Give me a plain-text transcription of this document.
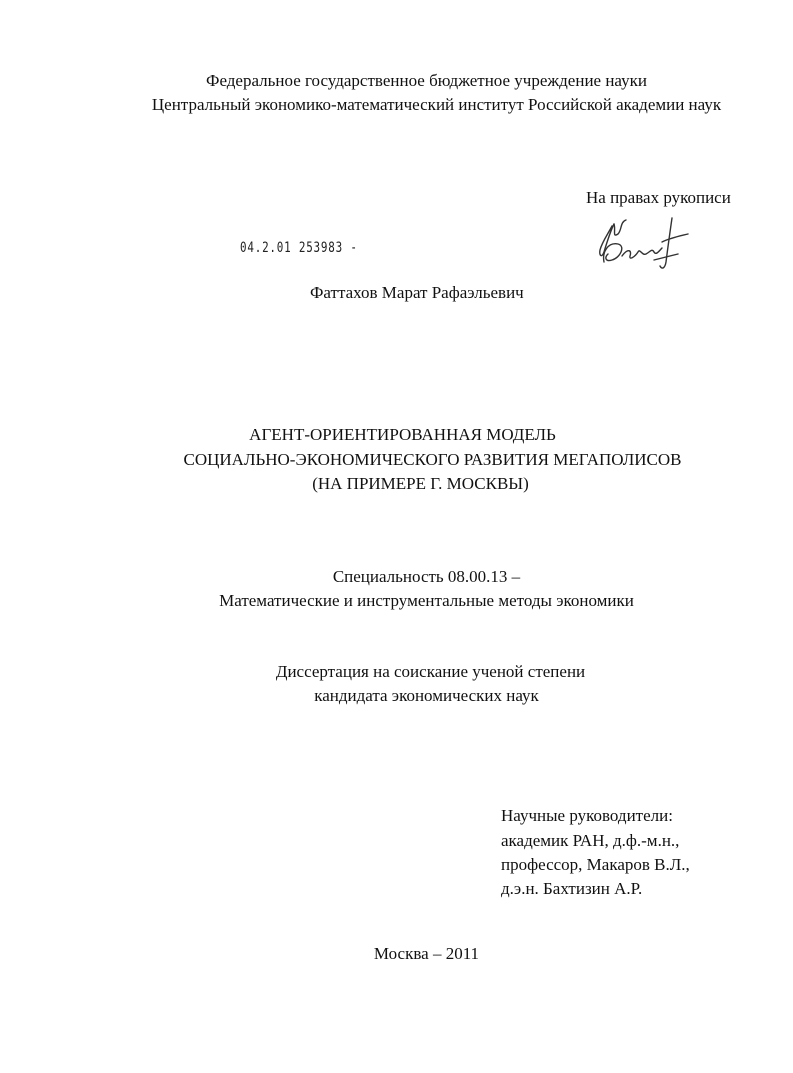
Федеральное государственное бюджетное учреждение науки
Центральный экономико-математический институт Российской академии наук
На правах рукописи
04.2.01 253983 -
Фаттахов Марат Рафаэльевич
АГЕНТ-ОРИЕНТИРОВАННАЯ МОДЕЛЬ
СОЦИАЛЬНО-ЭКОНОМИЧЕСКОГО РАЗВИТИЯ МЕГАПОЛИСОВ
(НА ПРИМЕРЕ Г. МОСКВЫ)
Специальность 08.00.13 –
Математические и инструментальные методы экономики
Диссертация на соискание ученой степени
кандидата экономических наук
Научные руководители:
академик РАН, д.ф.-м.н.,
профессор, Макаров В.Л.,
д.э.н. Бахтизин А.Р.
Москва – 2011
